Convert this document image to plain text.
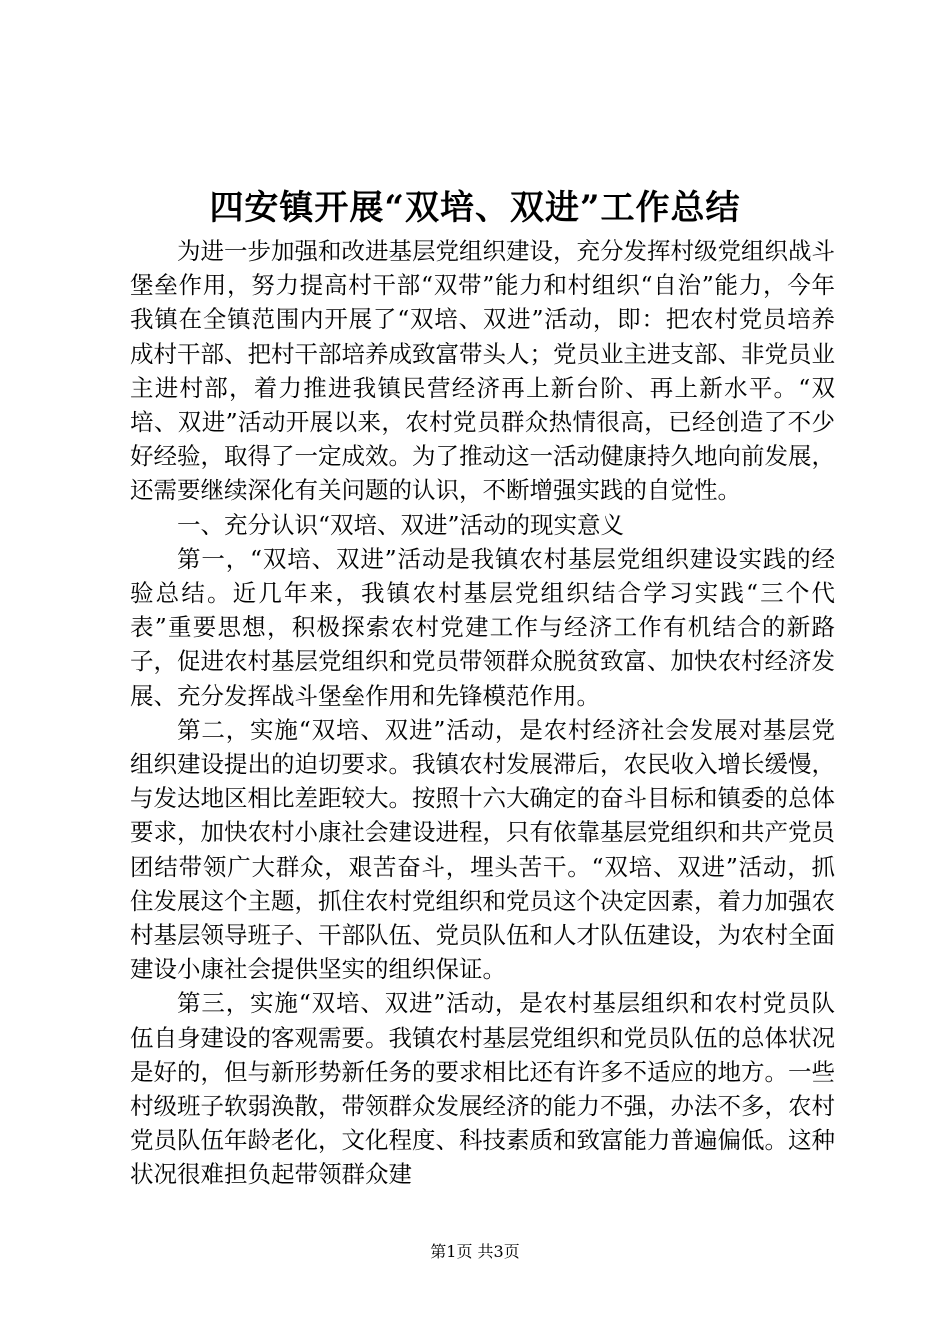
四安镇开展“双培、双进”工作总结

为进一步加强和改进基层党组织建设，充分发挥村级党组织战斗堡垒作用，努力提高村干部“双带”能力和村组织“自治”能力，今年我镇在全镇范围内开展了“双培、双进”活动，即：把农村党员培养成村干部、把村干部培养成致富带头人；党员业主进支部、非党员业主进村部，着力推进我镇民营经济再上新台阶、再上新水平。“双培、双进”活动开展以来，农村党员群众热情很高，已经创造了不少好经验，取得了一定成效。为了推动这一活动健康持久地向前发展，还需要继续深化有关问题的认识，不断增强实践的自觉性。

一、充分认识“双培、双进”活动的现实意义

第一，“双培、双进”活动是我镇农村基层党组织建设实践的经验总结。近几年来，我镇农村基层党组织结合学习实践“三个代表”重要思想，积极探索农村党建工作与经济工作有机结合的新路子，促进农村基层党组织和党员带领群众脱贫致富、加快农村经济发展、充分发挥战斗堡垒作用和先锋模范作用。

第二，实施“双培、双进”活动，是农村经济社会发展对基层党组织建设提出的迫切要求。我镇农村发展滞后，农民收入增长缓慢，与发达地区相比差距较大。按照十六大确定的奋斗目标和镇委的总体要求，加快农村小康社会建设进程，只有依靠基层党组织和共产党员团结带领广大群众，艰苦奋斗，埋头苦干。“双培、双进”活动，抓住发展这个主题，抓住农村党组织和党员这个决定因素，着力加强农村基层领导班子、干部队伍、党员队伍和人才队伍建设，为农村全面建设小康社会提供坚实的组织保证。

第三，实施“双培、双进”活动，是农村基层组织和农村党员队伍自身建设的客观需要。我镇农村基层党组织和党员队伍的总体状况是好的，但与新形势新任务的要求相比还有许多不适应的地方。一些村级班子软弱涣散，带领群众发展经济的能力不强，办法不多，农村党员队伍年龄老化，文化程度、科技素质和致富能力普遍偏低。这种状况很难担负起带领群众建

第1页 共3页
